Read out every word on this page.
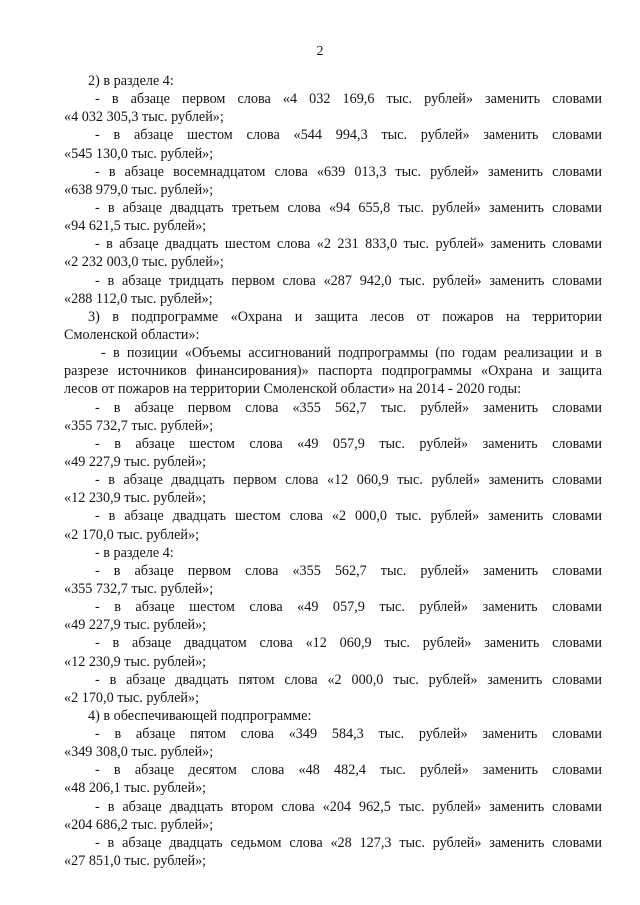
2
2) в разделе 4:
- в абзаце первом слова «4 032 169,6 тыс. рублей» заменить словами
«4 032 305,3 тыс. рублей»;
- в абзаце шестом слова «544 994,3 тыс. рублей» заменить словами
«545 130,0 тыс. рублей»;
- в абзаце восемнадцатом слова «639 013,3 тыс. рублей» заменить словами
«638 979,0 тыс. рублей»;
- в абзаце двадцать третьем слова «94 655,8 тыс. рублей» заменить словами
«94 621,5 тыс. рублей»;
- в абзаце двадцать шестом слова «2 231 833,0 тыс. рублей» заменить словами
«2 232 003,0 тыс. рублей»;
- в абзаце тридцать первом слова «287 942,0 тыс. рублей» заменить словами
«288 112,0 тыс. рублей»;
3) в подпрограмме «Охрана и защита лесов от пожаров на территории
Смоленской области»:
- в позиции «Объемы ассигнований подпрограммы (по годам реализации и в
разрезе источников финансирования)» паспорта подпрограммы «Охрана и защита
лесов от пожаров на территории Смоленской области» на 2014 - 2020 годы:
- в абзаце первом слова «355 562,7 тыс. рублей» заменить словами
«355 732,7 тыс. рублей»;
- в абзаце шестом слова «49 057,9 тыс. рублей» заменить словами
«49 227,9 тыс. рублей»;
- в абзаце двадцать первом слова «12 060,9 тыс. рублей» заменить словами
«12 230,9 тыс. рублей»;
- в абзаце двадцать шестом слова «2 000,0 тыс. рублей» заменить словами
«2 170,0 тыс. рублей»;
- в разделе 4:
- в абзаце первом слова «355 562,7 тыс. рублей» заменить словами
«355 732,7 тыс. рублей»;
- в абзаце шестом слова «49 057,9 тыс. рублей» заменить словами
«49 227,9 тыс. рублей»;
- в абзаце двадцатом слова «12 060,9 тыс. рублей» заменить словами
«12 230,9 тыс. рублей»;
- в абзаце двадцать пятом слова «2 000,0 тыс. рублей» заменить словами
«2 170,0 тыс. рублей»;
4) в обеспечивающей подпрограмме:
- в абзаце пятом слова «349 584,3 тыс. рублей» заменить словами
«349 308,0 тыс. рублей»;
- в абзаце десятом слова «48 482,4 тыс. рублей» заменить словами
«48 206,1 тыс. рублей»;
- в абзаце двадцать втором слова «204 962,5 тыс. рублей» заменить словами
«204 686,2 тыс. рублей»;
- в абзаце двадцать седьмом слова «28 127,3 тыс. рублей» заменить словами
«27 851,0 тыс. рублей»;
